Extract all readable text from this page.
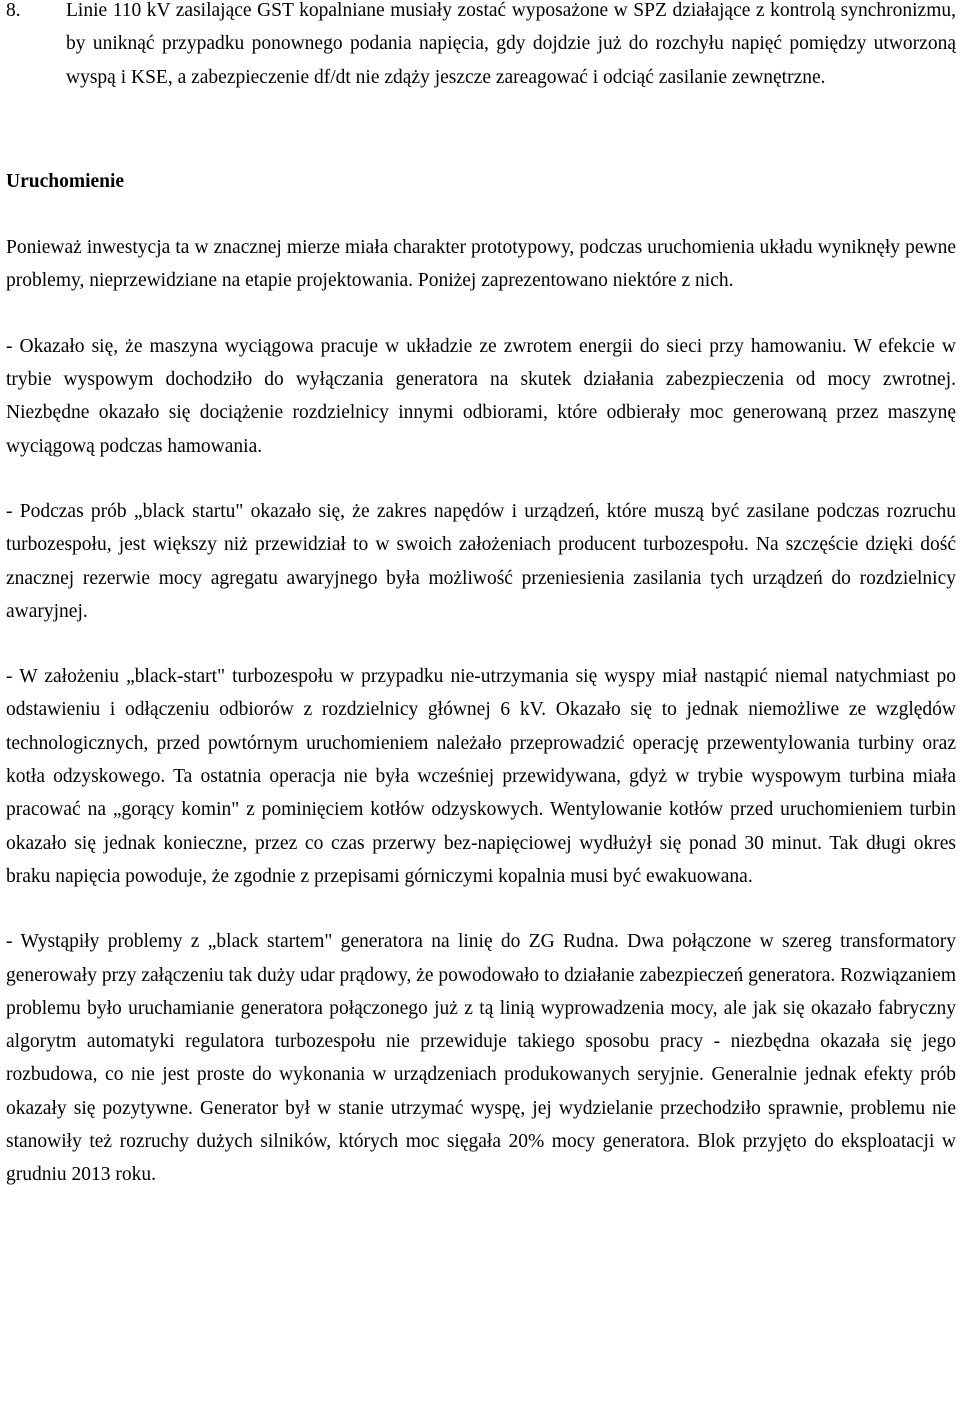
8.	Linie 110 kV zasilające GST kopalniane musiały zostać wyposażone w SPZ działające z kontrolą synchronizmu, by uniknąć przypadku ponownego podania napięcia, gdy dojdzie już do rozchyłu napięć pomiędzy utworzoną wyspą i KSE, a zabezpieczenie df/dt nie zdąży jeszcze zareagować i odciąć zasilanie zewnętrzne.
Uruchomienie

Ponieważ inwestycja ta w znacznej mierze miała charakter prototypowy, podczas uruchomienia układu wyniknęły pewne problemy, nieprzewidziane na etapie projektowania. Poniżej zaprezentowano niektóre z nich.

- Okazało się, że maszyna wyciągowa pracuje w układzie ze zwrotem energii do sieci przy hamowaniu. W efekcie w trybie wyspowym dochodziło do wyłączania generatora na skutek działania zabezpieczenia od mocy zwrotnej. Niezbędne okazało się dociążenie rozdzielnicy innymi odbiorami, które odbierały moc generowaną przez maszynę wyciągową podczas hamowania.

- Podczas prób „black startu" okazało się, że zakres napędów i urządzeń, które muszą być zasilane podczas rozruchu turbozespołu, jest większy niż przewidział to w swoich założeniach producent turbozespołu. Na szczęście dzięki dość znacznej rezerwie mocy agregatu awaryjnego była możliwość przeniesienia zasilania tych urządzeń do rozdzielnicy awaryjnej.

- W założeniu „black-start" turbozespołu w przypadku nie-utrzymania się wyspy miał nastąpić niemal natychmiast po odstawieniu i odłączeniu odbiorów z rozdzielnicy głównej 6 kV. Okazało się to jednak niemożliwe ze względów technologicznych, przed powtórnym uruchomieniem należało przeprowadzić operację przewentylowania turbiny oraz kotła odzyskowego. Ta ostatnia operacja nie była wcześniej przewidywana, gdyż w trybie wyspowym turbina miała pracować na „gorący komin" z pominięciem kotłów odzyskowych. Wentylowanie kotłów przed uruchomieniem turbin okazało się jednak konieczne, przez co czas przerwy bez-napięciowej wydłużył się ponad 30 minut. Tak długi okres braku napięcia powoduje, że zgodnie z przepisami górniczymi kopalnia musi być ewakuowana.

- Wystąpiły problemy z „black startem" generatora na linię do ZG Rudna. Dwa połączone w szereg transformatory generowały przy załączeniu tak duży udar prądowy, że powodowało to działanie zabezpieczeń generatora. Rozwiązaniem problemu było uruchamianie generatora połączonego już z tą linią wyprowadzenia mocy, ale jak się okazało fabryczny algorytm automatyki regulatora turbozespołu nie przewiduje takiego sposobu pracy - niezbędna okazała się jego rozbudowa, co nie jest proste do wykonania w urządzeniach produkowanych seryjnie. Generalnie jednak efekty prób okazały się pozytywne. Generator był w stanie utrzymać wyspę, jej wydzielanie przechodziło sprawnie, problemu nie stanowiły też rozruchy dużych silników, których moc sięgała 20% mocy generatora. Blok przyjęto do eksploatacji w grudniu 2013 roku.
